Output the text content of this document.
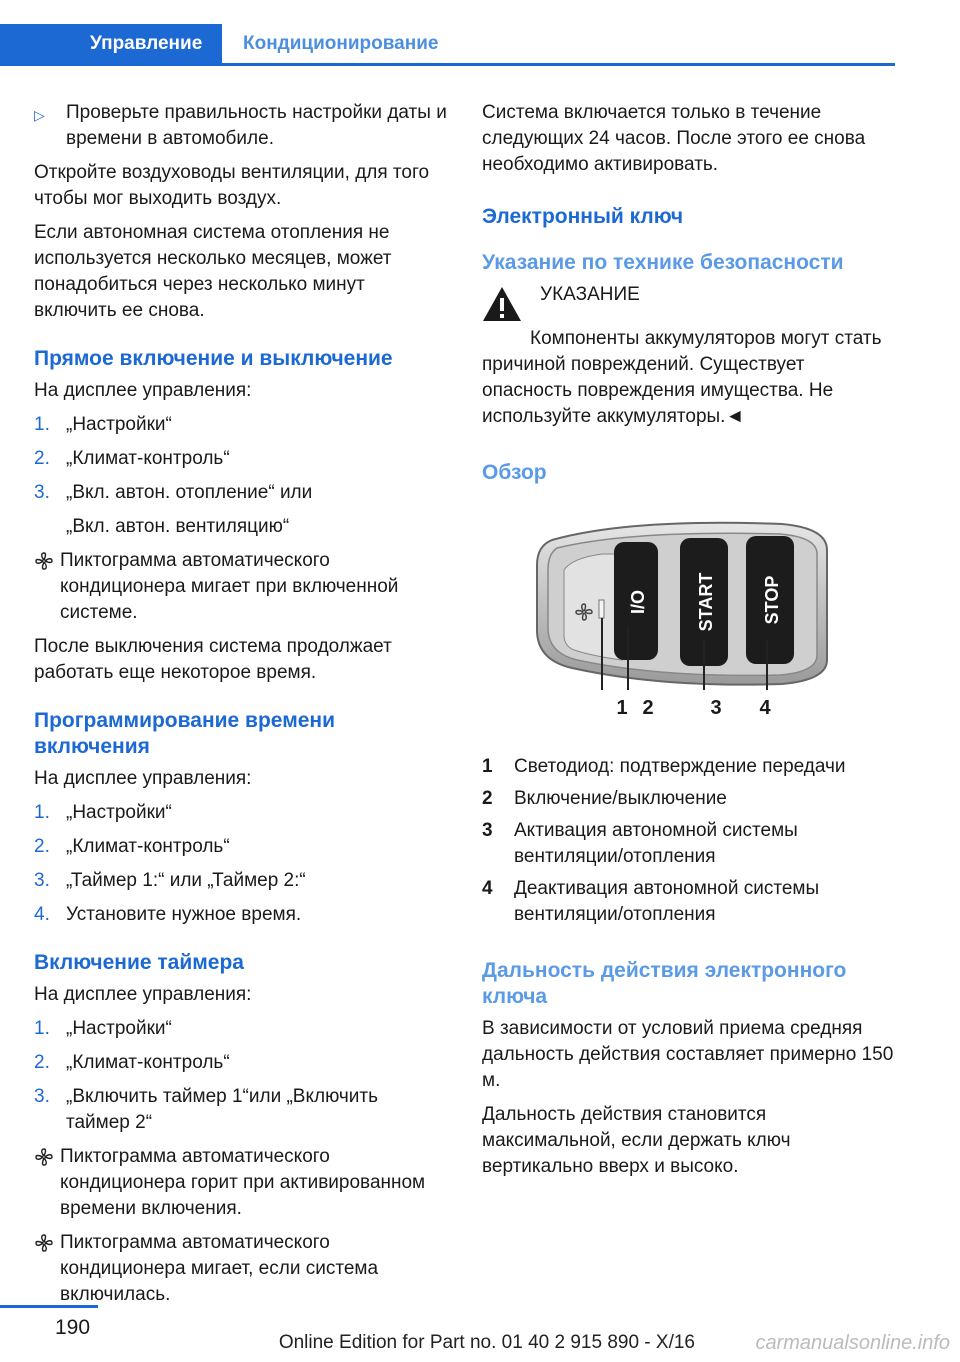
Управление	Кондиционирование
▷ Проверьте правильность настройки даты и времени в автомобиле.

Откройте воздуховоды вентиляции, для того чтобы мог выходить воздух.

Если автономная система отопления не используется несколько месяцев, может понадобиться через несколько минут включить ее снова.

Прямое включение и выключение

На дисплее управления:

1. „Настройки“
2. „Климат-контроль“
3. „Вкл. автон. отопление“ или
„Вкл. автон. вентиляцию“

Пиктограмма автоматического кондиционера мигает при включенной системе.

После выключения система продолжает работать еще некоторое время.

Программирование времени включения

На дисплее управления:

1. „Настройки“
2. „Климат-контроль“
3. „Таймер 1:“ или „Таймер 2:“
4. Установите нужное время.
Включение таймера

На дисплее управления:

1. „Настройки“
2. „Климат-контроль“
3. „Включить таймер 1“или „Включить таймер 2“

Пиктограмма автоматического кондиционера горит при активированном времени включения.

Пиктограмма автоматического кондиционера мигает, если система включилась.

Система включается только в течение следующих 24 часов. После этого ее снова необходимо активировать.

Электронный ключ
Указание по технике безопасности
УКАЗАНИЕ

Компоненты аккумуляторов могут стать причиной повреждений. Существует опасность повреждения имущества. Не используйте аккумуляторы.◄

Обзор
I/O	START	STOP
1 2	3 4
1 Светодиод: подтверждение передачи
2 Включение/выключение
3 Активация автономной системы вентиляции/отопления
4 Деактивация автономной системы вентиляции/отопления
Дальность действия электронного ключа

В зависимости от условий приема средняя дальность действия составляет примерно 150 м.

Дальность действия становится максимальной, если держать ключ вертикально вверх и высоко.

190
carmanualsonline.info
Online Edition for Part no. 01 40 2 915 890 - X/16
